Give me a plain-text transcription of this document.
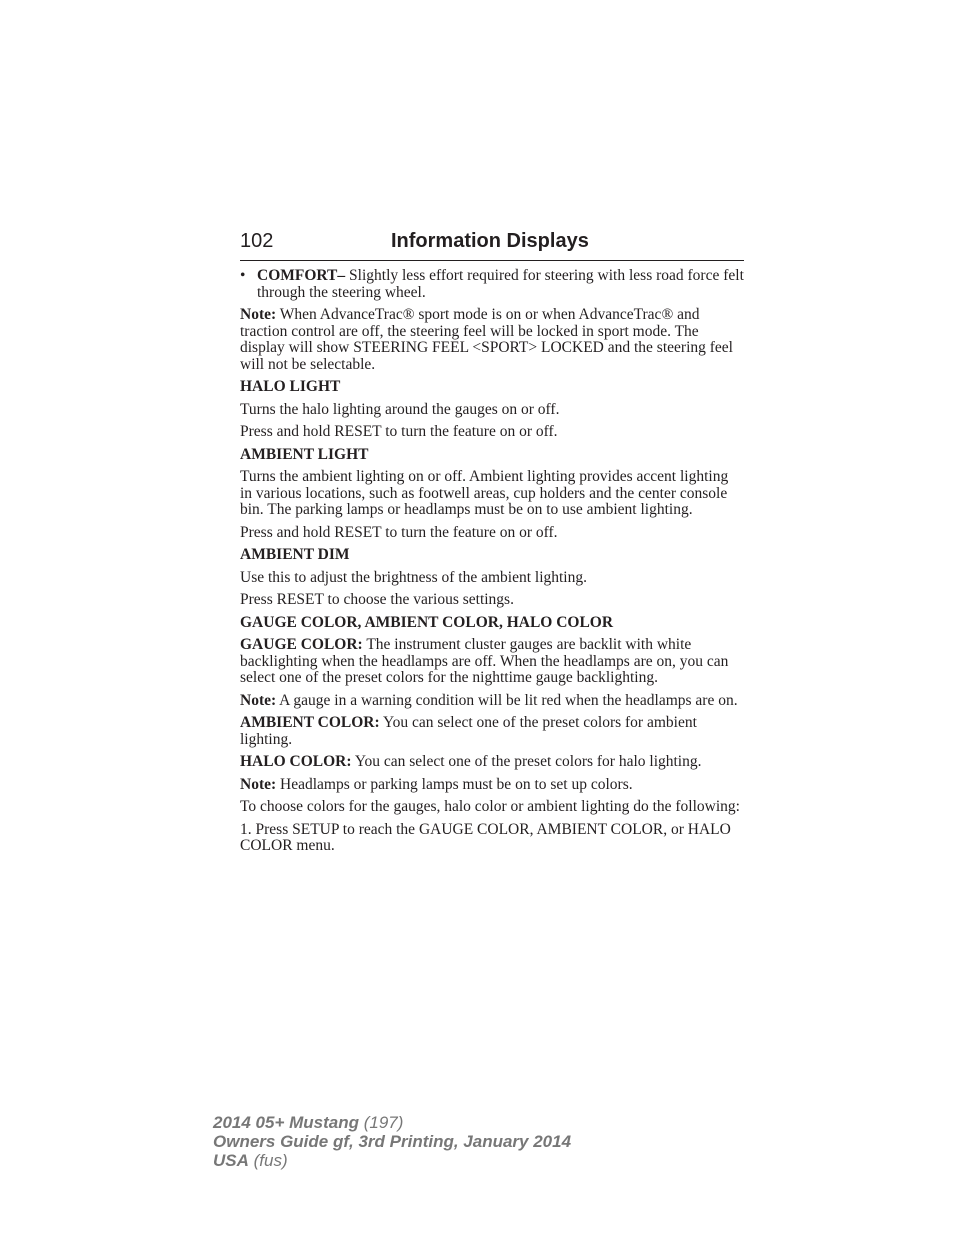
102	Information Displays
• COMFORT– Slightly less effort required for steering with less road force felt through the steering wheel.

Note: When AdvanceTrac® sport mode is on or when AdvanceTrac® and traction control are off, the steering feel will be locked in sport mode. The display will show STEERING FEEL <SPORT> LOCKED and the steering feel will not be selectable.

HALO LIGHT

Turns the halo lighting around the gauges on or off.

Press and hold RESET to turn the feature on or off.

AMBIENT LIGHT

Turns the ambient lighting on or off. Ambient lighting provides accent lighting in various locations, such as footwell areas, cup holders and the center console bin. The parking lamps or headlamps must be on to use ambient lighting.

Press and hold RESET to turn the feature on or off.

AMBIENT DIM

Use this to adjust the brightness of the ambient lighting.

Press RESET to choose the various settings.

GAUGE COLOR, AMBIENT COLOR, HALO COLOR

GAUGE COLOR: The instrument cluster gauges are backlit with white backlighting when the headlamps are off. When the headlamps are on, you can select one of the preset colors for the nighttime gauge backlighting.

Note: A gauge in a warning condition will be lit red when the headlamps are on.

AMBIENT COLOR: You can select one of the preset colors for ambient lighting.

HALO COLOR: You can select one of the preset colors for halo lighting.

Note: Headlamps or parking lamps must be on to set up colors.

To choose colors for the gauges, halo color or ambient lighting do the following:

1. Press SETUP to reach the GAUGE COLOR, AMBIENT COLOR, or HALO COLOR menu.

2014 05+ Mustang (197)
Owners Guide gf, 3rd Printing, January 2014
USA (fus)
